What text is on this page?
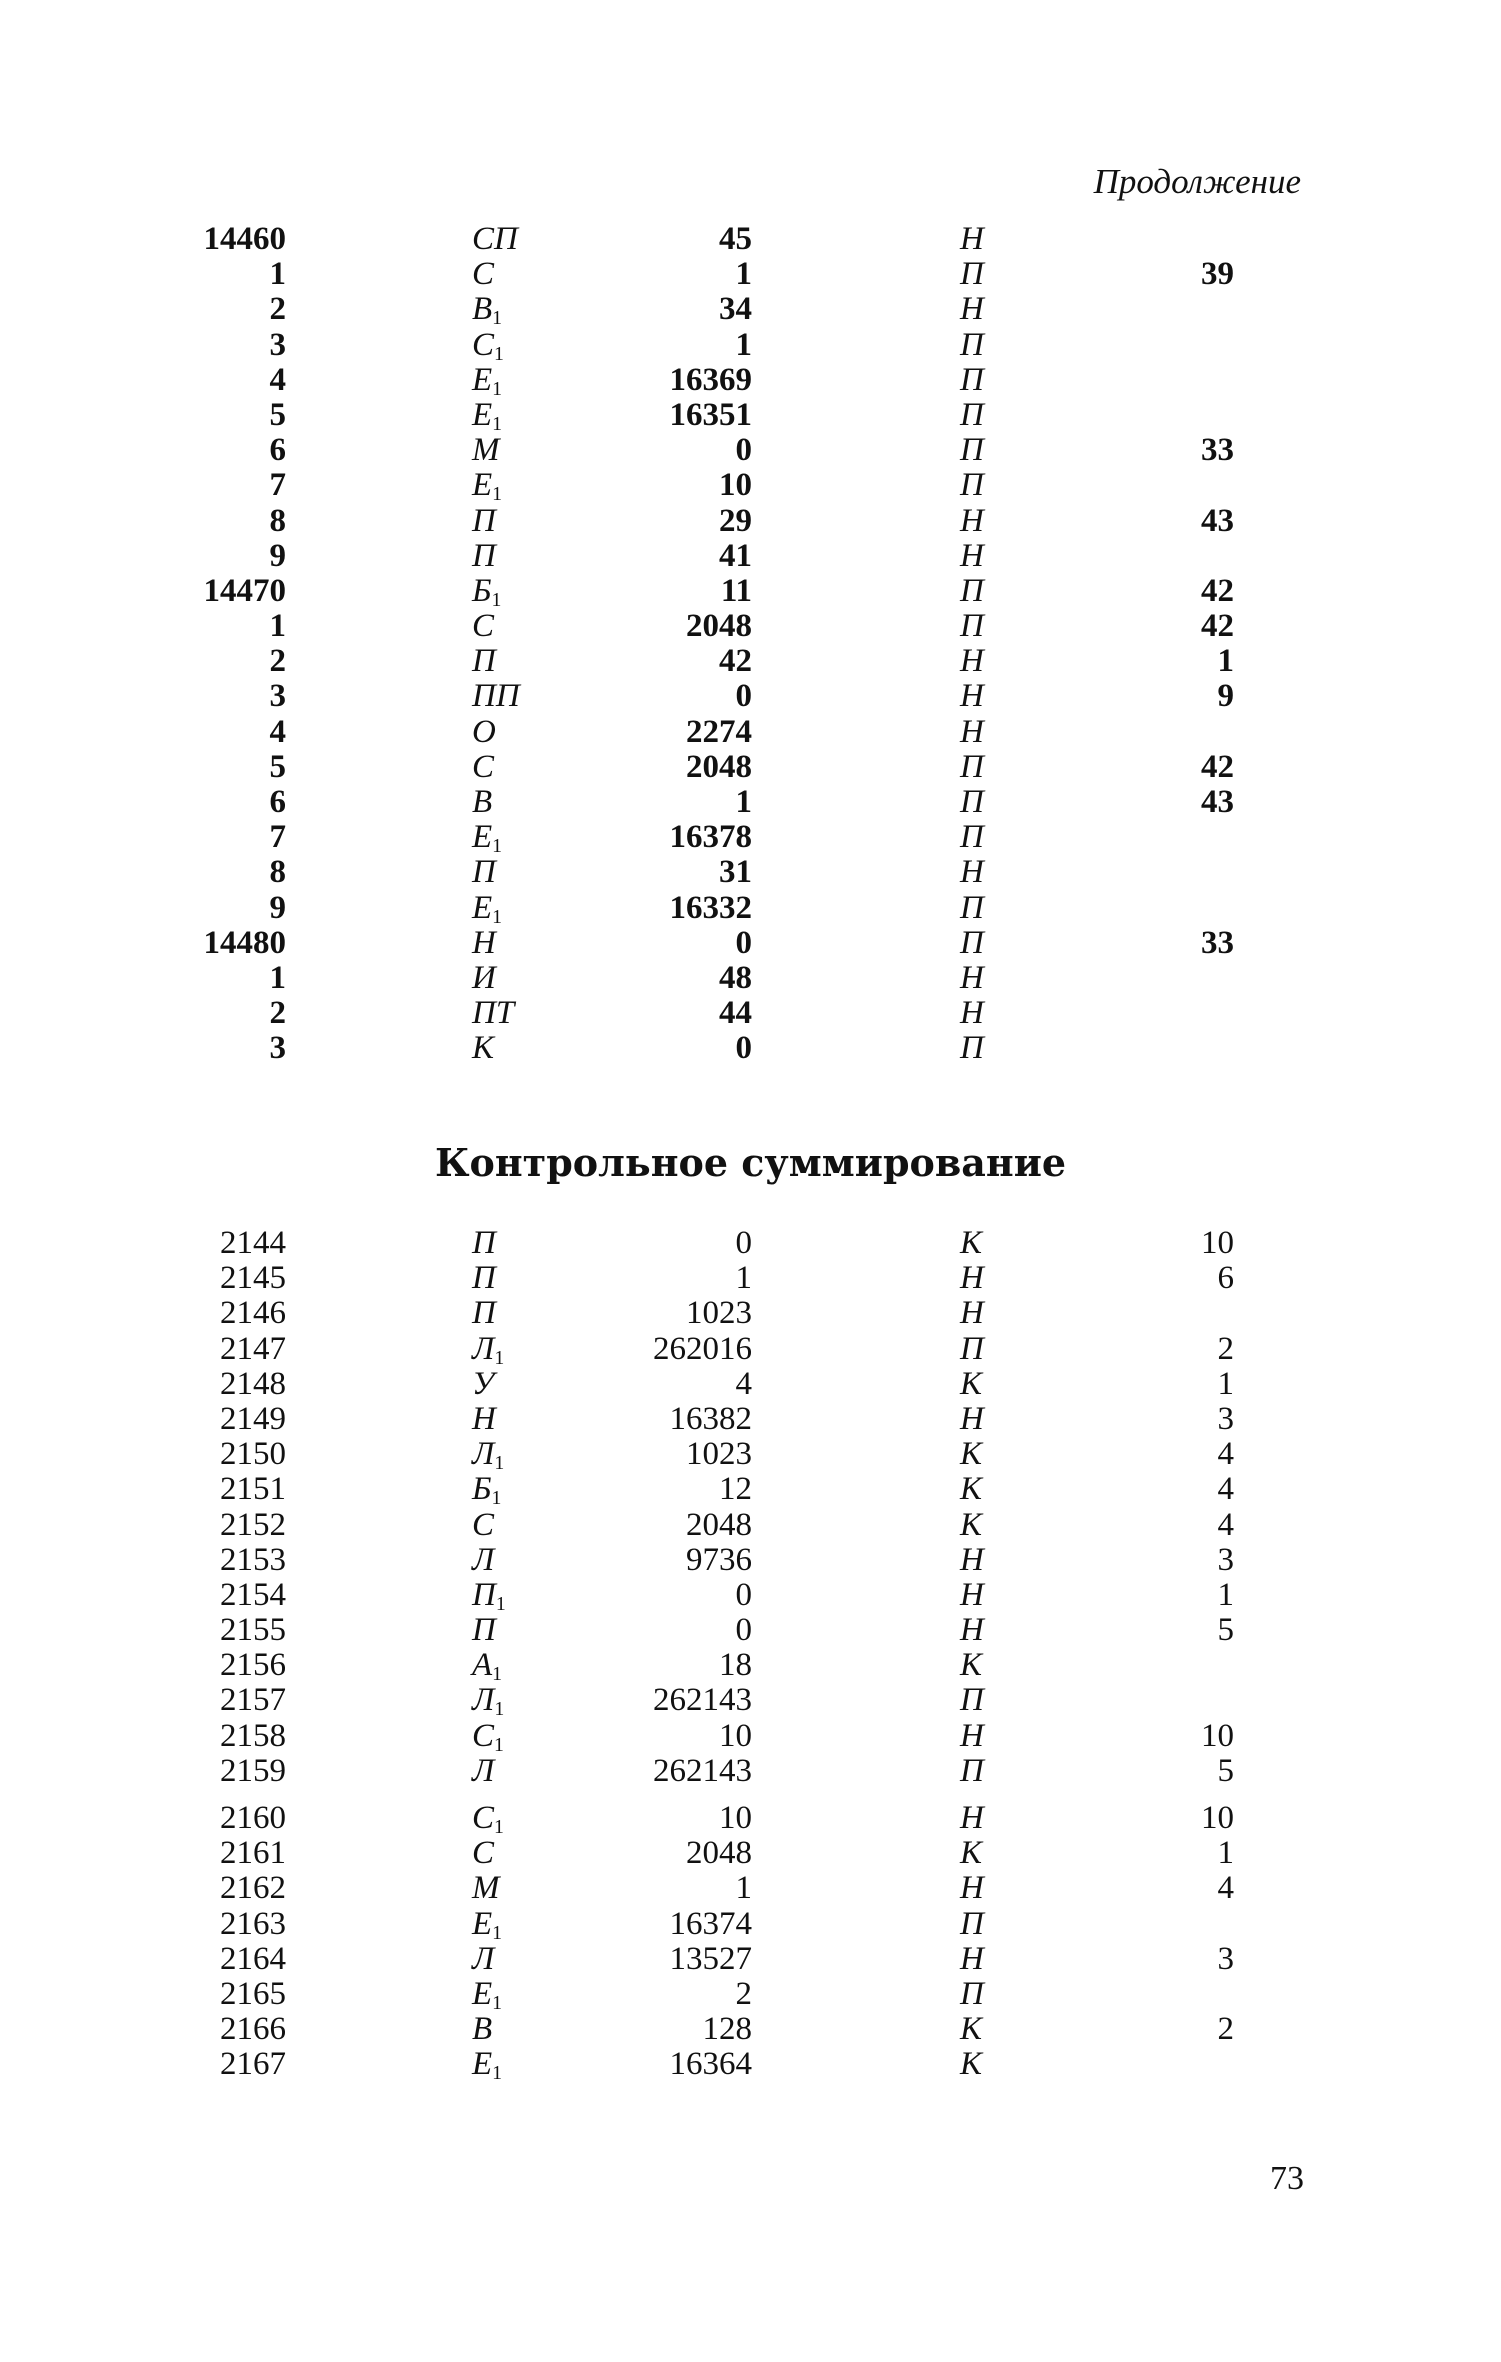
Продолжение
14460	СП	45	Н
1	С	1	П	39
2	$В_1$	34	Н
3	$С_1$	1	П
4	$Е_1$	16369	П
5	$Е_1$	16351	П
6	М	0	П	33
7	$Е_1$	10	П
8	П	29	Н	43
9	П	41	Н
14470	$Б_1$	11	П	42
1	С	2048	П	42
2	П	42	Н	1
3	ПП	0	Н	9
4	О	2274	Н
5	С	2048	П	42
6	В	1	П	43
7	$Е_1$	16378	П
8	П	31	Н
9	$Е_1$	16332	П
14480	Н	0	П	33
1	И	48	Н
2	ПТ	44	Н
3	К	0	П
Контрольное суммирование
2144	П	0	К	10
2145	П	1	Н	6
2146	П	1023	Н
2147	$Л_1$	262016	П	2
2148	У	4	К	1
2149	Н	16382	Н	3
2150	$Л_1$	1023	К	4
2151	$Б_1$	12	К	4
2152	С	2048	К	4
2153	Л	9736	Н	3
2154	$П_1$	0	Н	1
2155	П	0	Н	5
2156	$А_1$	18	К
2157	$Л_1$	262143	П
2158	$С_1$	10	Н	10
2159	Л	262143	П	5
2160	$С_1$	10	Н	10
2161	С	2048	К	1
2162	М	1	Н	4
2163	$Е_1$	16374	П
2164	Л	13527	Н	3
2165	$Е_1$	2	П
2166	В	128	К	2
2167	$Е_1$	16364	К
73
